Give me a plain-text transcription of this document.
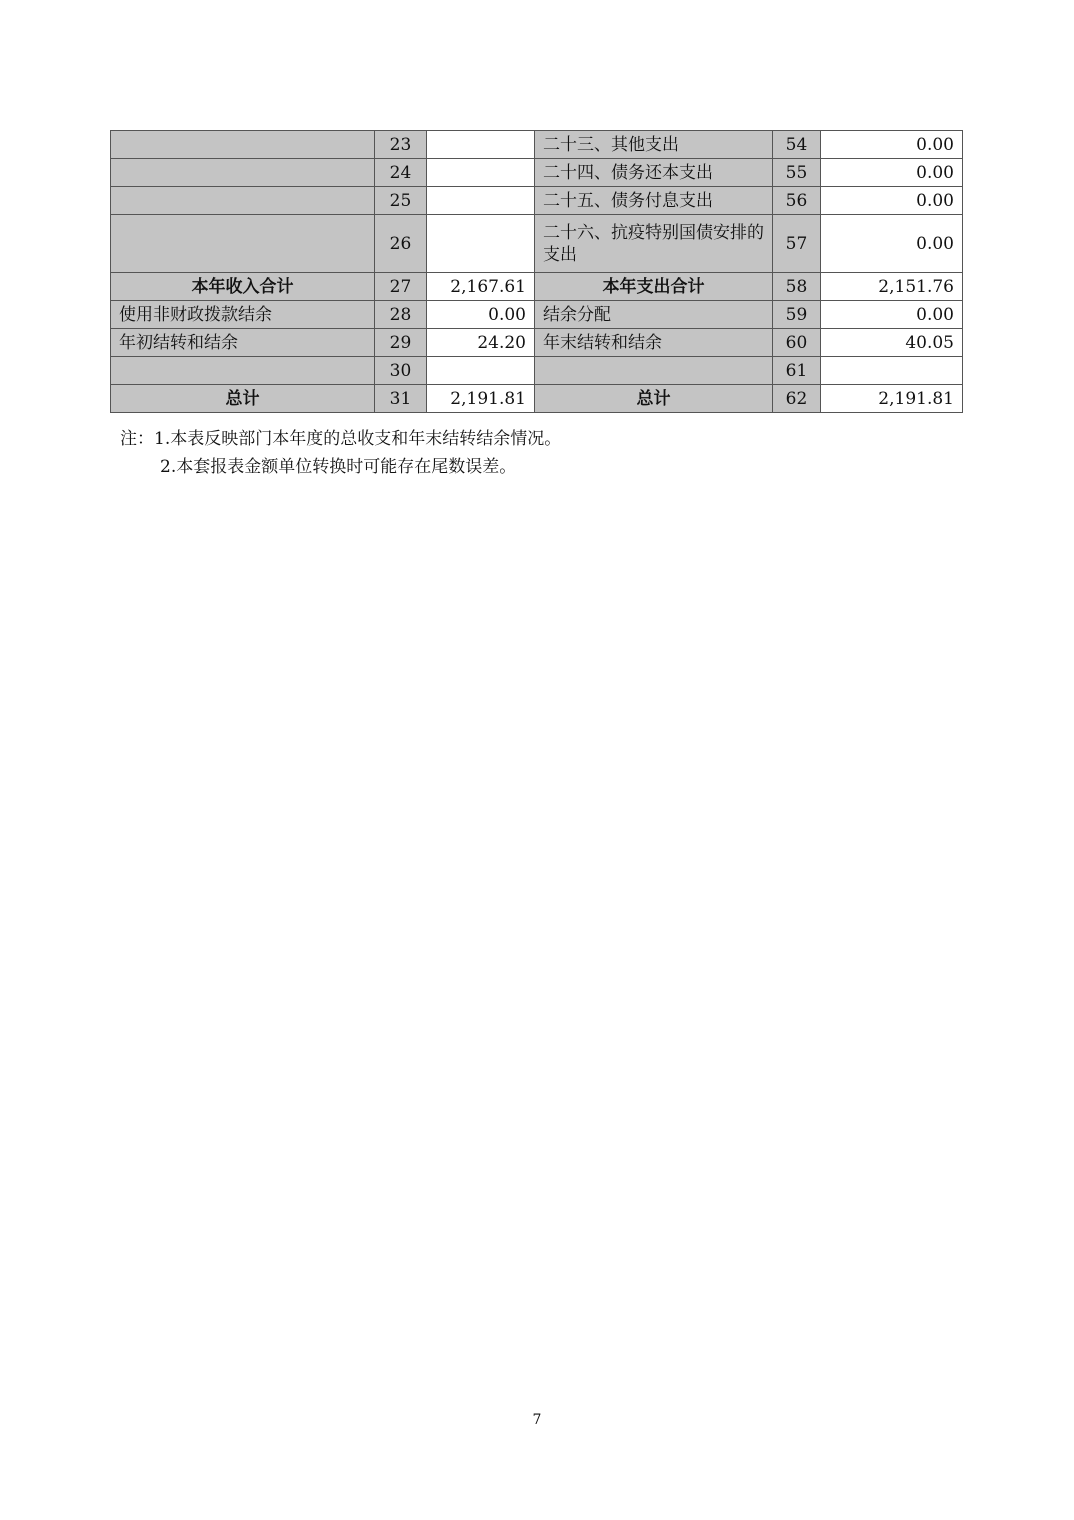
	23		二十三、其他支出	54	0.00
	24		二十四、债务还本支出	55	0.00
	25		二十五、债务付息支出	56	0.00
	26		二十六、抗疫特别国债安排的支出	57	0.00
本年收入合计	27	2,167.61	本年支出合计	58	2,151.76
使用非财政拨款结余	28	0.00	结余分配	59	0.00
年初结转和结余	29	24.20	年末结转和结余	60	40.05
	30			61	
总计	31	2,191.81	总计	62	2,191.81
注：1.本表反映部门本年度的总收支和年末结转结余情况。
2.本套报表金额单位转换时可能存在尾数误差。
7
